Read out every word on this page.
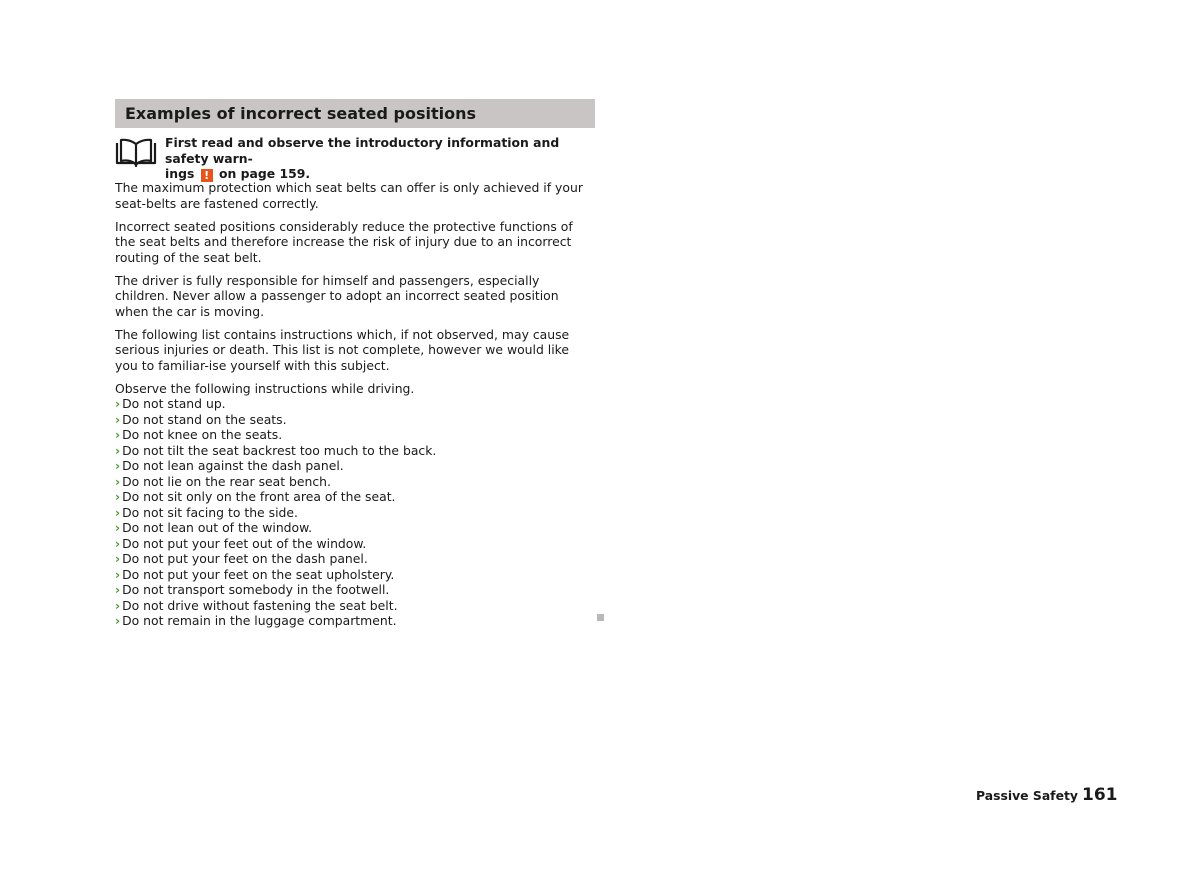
Examples of incorrect seated positions
First read and observe the introductory information and safety warn-
ings ! on page 159.

The maximum protection which seat belts can offer is only achieved if your seat-belts are fastened correctly.

Incorrect seated positions considerably reduce the protective functions of the seat belts and therefore increase the risk of injury due to an incorrect routing of the seat belt.

The driver is fully responsible for himself and passengers, especially children. Never allow a passenger to adopt an incorrect seated position when the car is moving.

The following list contains instructions which, if not observed, may cause serious injuries or death. This list is not complete, however we would like you to familiar-ise yourself with this subject.

Observe the following instructions while driving.
› Do not stand up.
› Do not stand on the seats.
› Do not knee on the seats.
› Do not tilt the seat backrest too much to the back.
› Do not lean against the dash panel.
› Do not lie on the rear seat bench.
› Do not sit only on the front area of the seat.
› Do not sit facing to the side.
› Do not lean out of the window.
› Do not put your feet out of the window.
› Do not put your feet on the dash panel.
› Do not put your feet on the seat upholstery.
› Do not transport somebody in the footwell.
› Do not drive without fastening the seat belt.
› Do not remain in the luggage compartment.
Passive Safety 161
